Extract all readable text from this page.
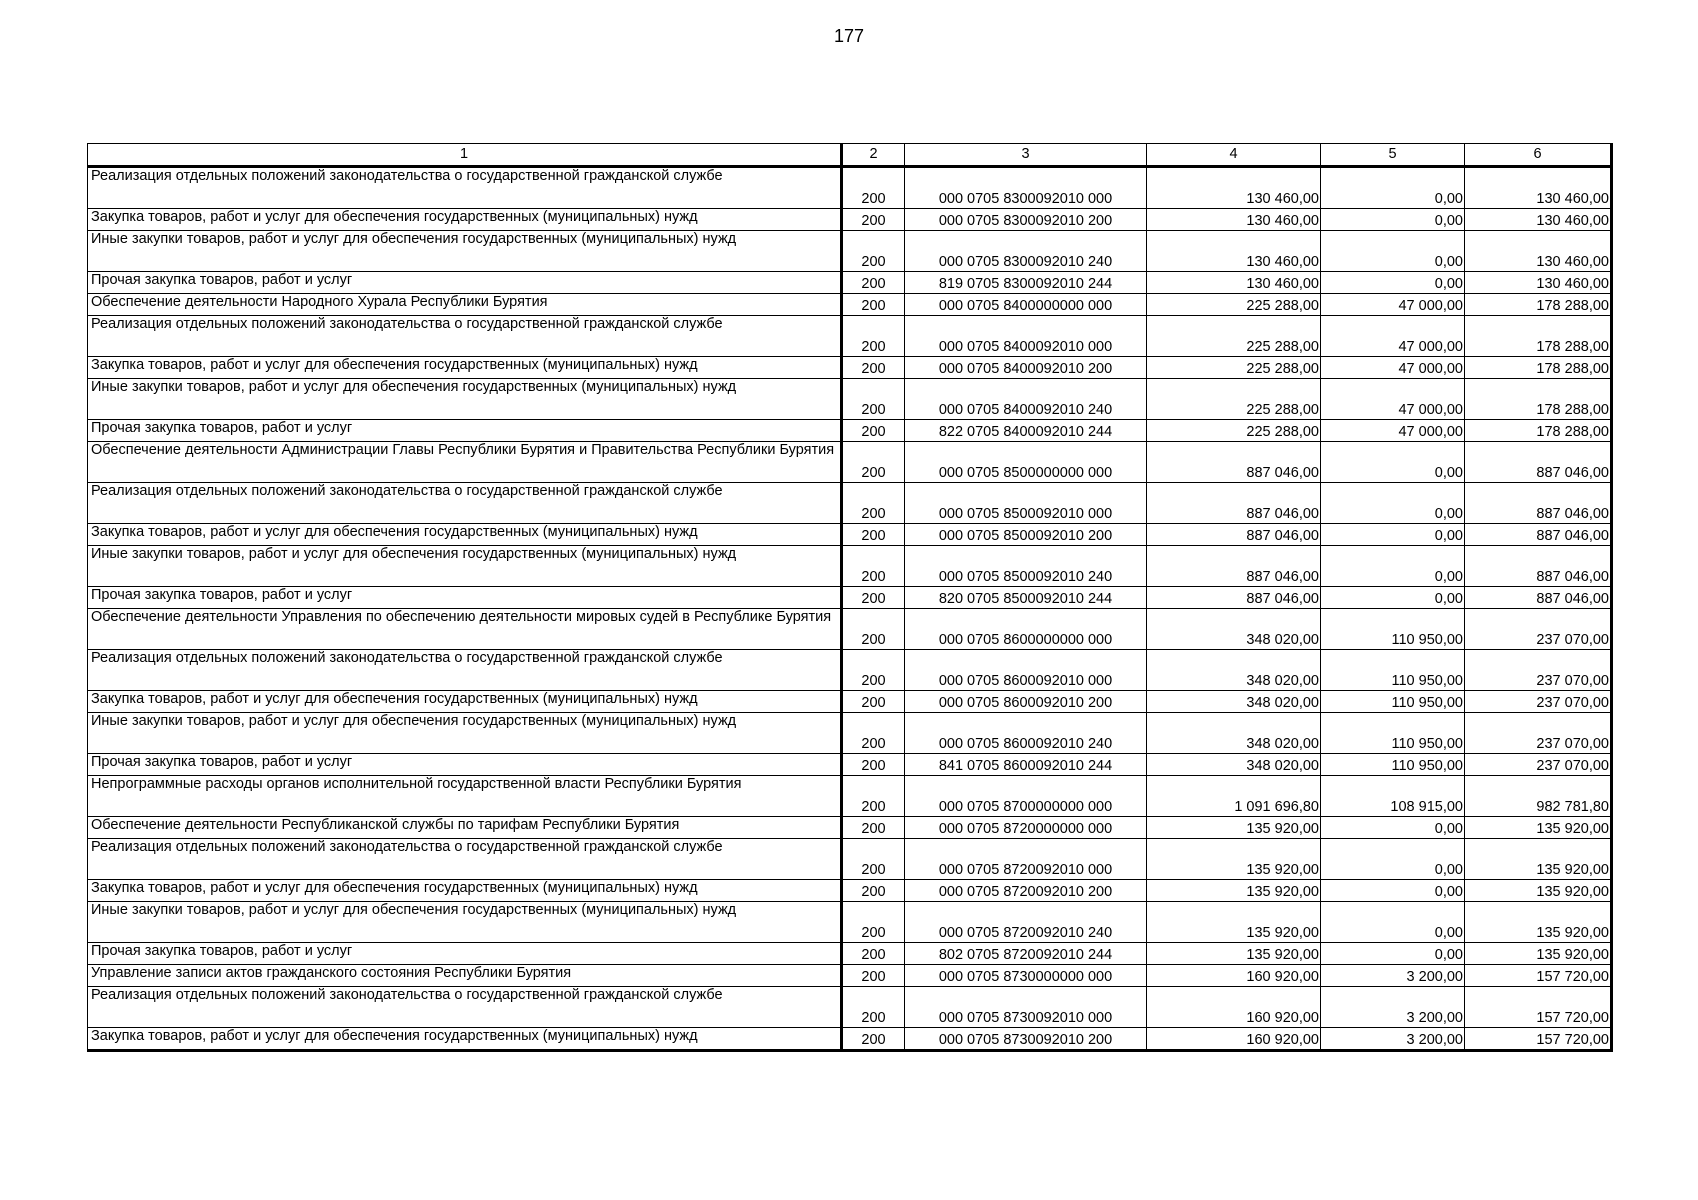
177
1	2	3	4	5	6
Реализация отдельных положений законодательства о государственной гражданской службе	200	000 0705 8300092010 000	130 460,00	0,00	130 460,00
Закупка товаров, работ и услуг для обеспечения государственных (муниципальных) нужд	200	000 0705 8300092010 200	130 460,00	0,00	130 460,00
Иные закупки товаров, работ и услуг для обеспечения государственных (муниципальных) нужд	200	000 0705 8300092010 240	130 460,00	0,00	130 460,00
Прочая закупка товаров, работ и услуг	200	819 0705 8300092010 244	130 460,00	0,00	130 460,00
Обеспечение деятельности Народного Хурала Республики Бурятия	200	000 0705 8400000000 000	225 288,00	47 000,00	178 288,00
Реализация отдельных положений законодательства о государственной гражданской службе	200	000 0705 8400092010 000	225 288,00	47 000,00	178 288,00
Закупка товаров, работ и услуг для обеспечения государственных (муниципальных) нужд	200	000 0705 8400092010 200	225 288,00	47 000,00	178 288,00
Иные закупки товаров, работ и услуг для обеспечения государственных (муниципальных) нужд	200	000 0705 8400092010 240	225 288,00	47 000,00	178 288,00
Прочая закупка товаров, работ и услуг	200	822 0705 8400092010 244	225 288,00	47 000,00	178 288,00
Обеспечение деятельности Администрации Главы Республики Бурятия и Правительства Республики Бурятия	200	000 0705 8500000000 000	887 046,00	0,00	887 046,00
Реализация отдельных положений законодательства о государственной гражданской службе	200	000 0705 8500092010 000	887 046,00	0,00	887 046,00
Закупка товаров, работ и услуг для обеспечения государственных (муниципальных) нужд	200	000 0705 8500092010 200	887 046,00	0,00	887 046,00
Иные закупки товаров, работ и услуг для обеспечения государственных (муниципальных) нужд	200	000 0705 8500092010 240	887 046,00	0,00	887 046,00
Прочая закупка товаров, работ и услуг	200	820 0705 8500092010 244	887 046,00	0,00	887 046,00
Обеспечение деятельности Управления по обеспечению деятельности мировых судей в Республике Бурятия	200	000 0705 8600000000 000	348 020,00	110 950,00	237 070,00
Реализация отдельных положений законодательства о государственной гражданской службе	200	000 0705 8600092010 000	348 020,00	110 950,00	237 070,00
Закупка товаров, работ и услуг для обеспечения государственных (муниципальных) нужд	200	000 0705 8600092010 200	348 020,00	110 950,00	237 070,00
Иные закупки товаров, работ и услуг для обеспечения государственных (муниципальных) нужд	200	000 0705 8600092010 240	348 020,00	110 950,00	237 070,00
Прочая закупка товаров, работ и услуг	200	841 0705 8600092010 244	348 020,00	110 950,00	237 070,00
Непрограммные расходы органов исполнительной государственной власти Республики Бурятия	200	000 0705 8700000000 000	1 091 696,80	108 915,00	982 781,80
Обеспечение деятельности Республиканской службы по тарифам Республики Бурятия	200	000 0705 8720000000 000	135 920,00	0,00	135 920,00
Реализация отдельных положений законодательства о государственной гражданской службе	200	000 0705 8720092010 000	135 920,00	0,00	135 920,00
Закупка товаров, работ и услуг для обеспечения государственных (муниципальных) нужд	200	000 0705 8720092010 200	135 920,00	0,00	135 920,00
Иные закупки товаров, работ и услуг для обеспечения государственных (муниципальных) нужд	200	000 0705 8720092010 240	135 920,00	0,00	135 920,00
Прочая закупка товаров, работ и услуг	200	802 0705 8720092010 244	135 920,00	0,00	135 920,00
Управление записи актов гражданского состояния Республики Бурятия	200	000 0705 8730000000 000	160 920,00	3 200,00	157 720,00
Реализация отдельных положений законодательства о государственной гражданской службе	200	000 0705 8730092010 000	160 920,00	3 200,00	157 720,00
Закупка товаров, работ и услуг для обеспечения государственных (муниципальных) нужд	200	000 0705 8730092010 200	160 920,00	3 200,00	157 720,00
